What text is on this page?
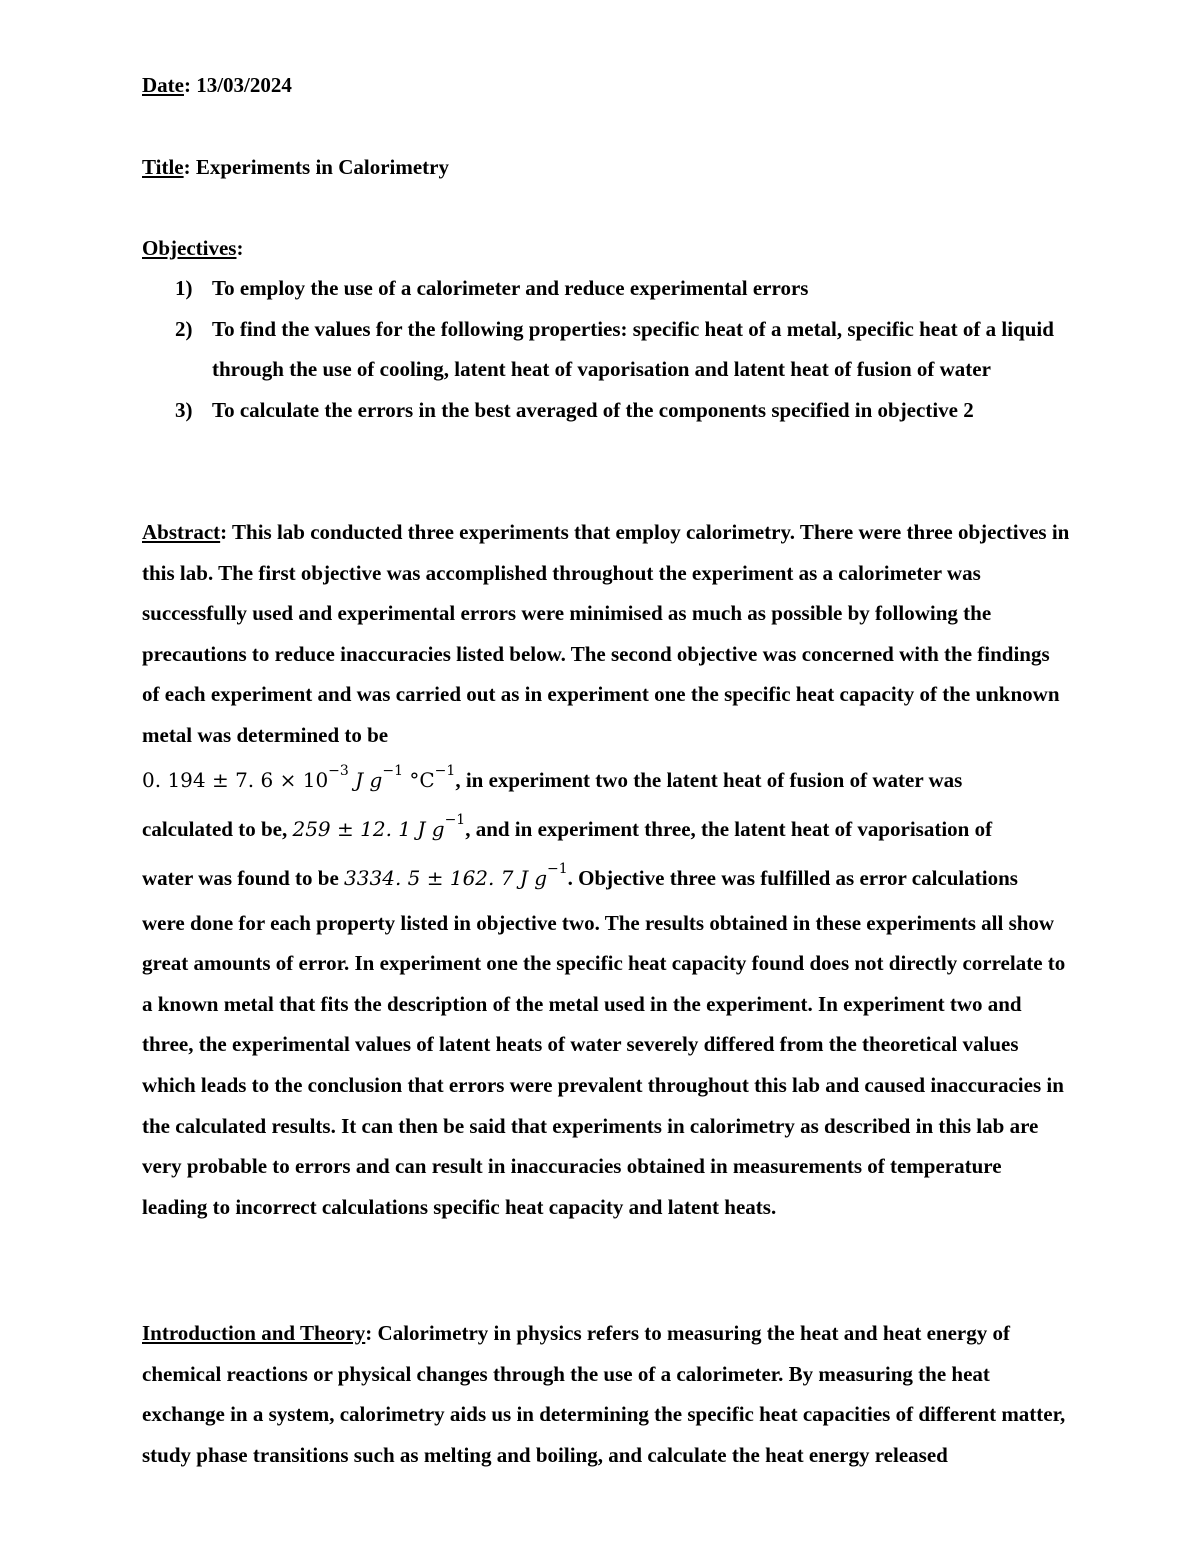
Date: 13/03/2024
Title: Experiments in Calorimetry
Objectives:
1) To employ the use of a calorimeter and reduce experimental errors
2) To find the values for the following properties: specific heat of a metal, specific heat of a liquid through the use of cooling, latent heat of vaporisation and latent heat of fusion of water
3) To calculate the errors in the best averaged of the components specified in objective 2
Abstract: This lab conducted three experiments that employ calorimetry. There were three objectives in this lab. The first objective was accomplished throughout the experiment as a calorimeter was successfully used and experimental errors were minimised as much as possible by following the precautions to reduce inaccuracies listed below. The second objective was concerned with the findings of each experiment and was carried out as in experiment one the specific heat capacity of the unknown metal was determined to be
0. 194 ± 7. $6 \times 10^{-3}$ J $g^{-1}$ $^\circ C^{-1}$, in experiment two the latent heat of fusion of water was
calculated to be, 259 ± 12. 1 J $g^{-1}$, and in experiment three, the latent heat of vaporisation of
water was found to be 3334. 5 ± 162. 7 J $g^{-1}$. Objective three was fulfilled as error calculations
were done for each property listed in objective two. The results obtained in these experiments all show great amounts of error. In experiment one the specific heat capacity found does not directly correlate to a known metal that fits the description of the metal used in the experiment. In experiment two and three, the experimental values of latent heats of water severely differed from the theoretical values which leads to the conclusion that errors were prevalent throughout this lab and caused inaccuracies in the calculated results. It can then be said that experiments in calorimetry as described in this lab are very probable to errors and can result in inaccuracies obtained in measurements of temperature leading to incorrect calculations specific heat capacity and latent heats.
Introduction and Theory: Calorimetry in physics refers to measuring the heat and heat energy of chemical reactions or physical changes through the use of a calorimeter. By measuring the heat exchange in a system, calorimetry aids us in determining the specific heat capacities of different matter, study phase transitions such as melting and boiling, and calculate the heat energy released
